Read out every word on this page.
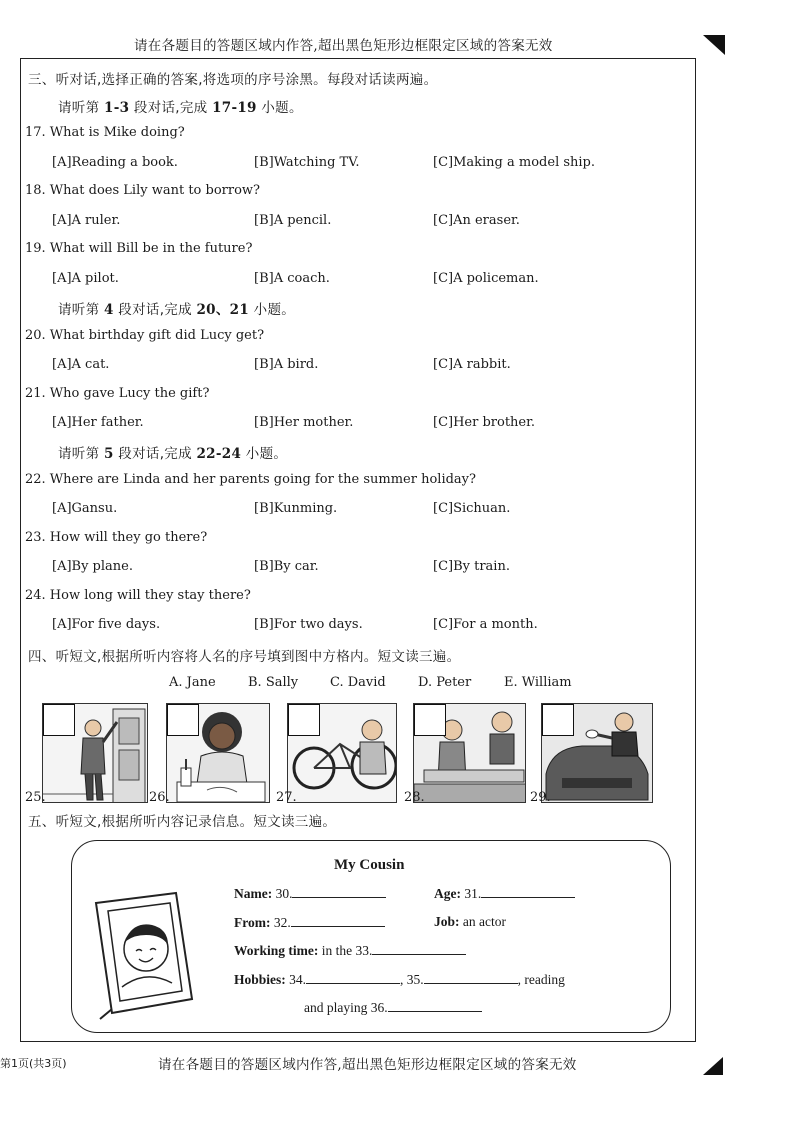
请在各题目的答题区域内作答,超出黑色矩形边框限定区域的答案无效
三、听对话,选择正确的答案,将选项的序号涂黑。每段对话读两遍。
请听第 1-3 段对话,完成 17-19 小题。
17. What is Mike doing?
[A]Reading a book.	[B]Watching TV.	[C]Making a model ship.
18. What does Lily want to borrow?
[A]A ruler.	[B]A pencil.	[C]An eraser.
19. What will Bill be in the future?
[A]A pilot.	[B]A coach.	[C]A policeman.
请听第 4 段对话,完成 20、21 小题。
20. What birthday gift did Lucy get?
[A]A cat.	[B]A bird.	[C]A rabbit.
21. Who gave Lucy the gift?
[A]Her father.	[B]Her mother.	[C]Her brother.
请听第 5 段对话,完成 22-24 小题。
22. Where are Linda and her parents going for the summer holiday?
[A]Gansu.	[B]Kunming.	[C]Sichuan.
23. How will they go there?
[A]By plane.	[B]By car.	[C]By train.
24. How long will they stay there?
[A]For five days.	[B]For two days.	[C]For a month.
四、听短文,根据所听内容将人名的序号填到图中方格内。短文读三遍。
A. Jane B. Sally C. David D. Peter	E. William
25.	26.	27.	28.	29.
五、听短文,根据所听内容记录信息。短文读三遍。
My Cousin
Name: 30.	Age: 31.
From: 32.	Job: an actor
Working time: in the 33.
Hobbies: 34.	, 35.	, reading
and playing 36.
第1页(共3页)	请在各题目的答题区域内作答,超出黑色矩形边框限定区域的答案无效
